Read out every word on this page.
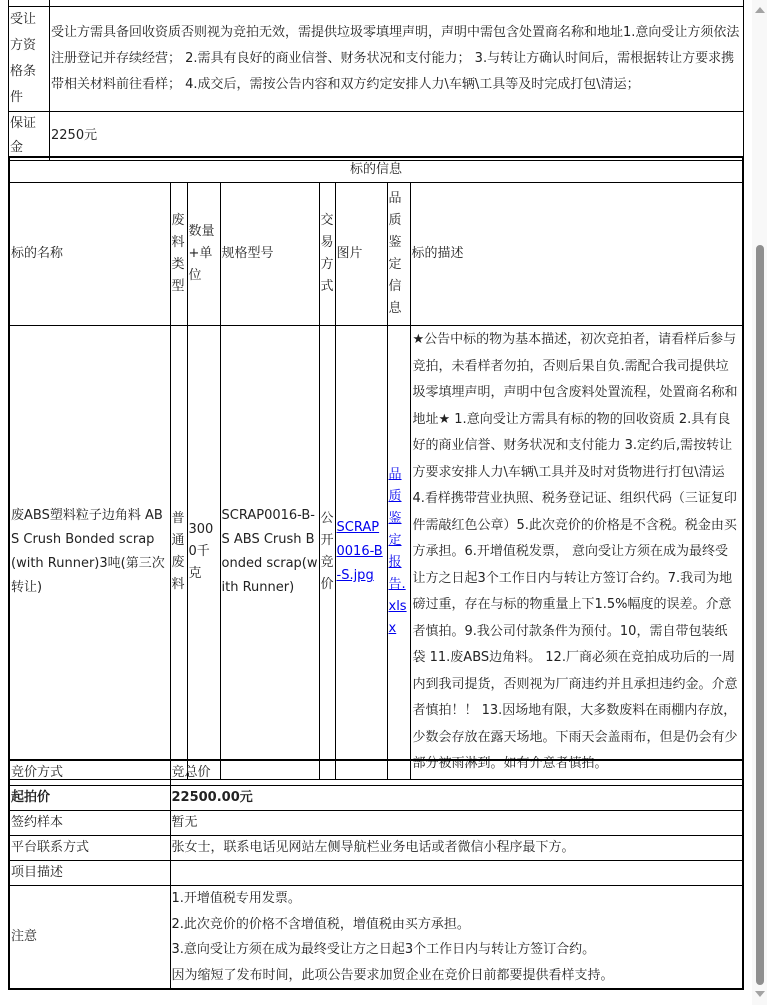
受让方资格条件	受让方需具备回收资质否则视为竞拍无效，需提供垃圾零填埋声明，声明中需包含处置商名称和地址1.意向受让方须依法注册登记并存续经营； 2.需具有良好的商业信誉、财务状况和支付能力； 3.与转让方确认时间后，需根据转让方要求携带相关材料前往看样； 4.成交后，需按公告内容和双方约定安排人力\车辆\工具等及时完成打包\清运；
保证金	2250元
标的信息							
标的名称	废料类型	数量+单位	规格型号	交易方式	图片	品质鉴定信息	标的描述
废ABS塑料粒子边角料 ABS Crush Bonded scrap(with Runner)3吨(第三次转让)	普通废料	3000千克	SCRAP0016-B-S ABS Crush Bonded scrap(with Runner)	公开竞价	SCRAP0016-B-S.jpg	品质鉴定报告.xlsx	★公告中标的物为基本描述，初次竞拍者，请看样后参与竞拍，未看样者勿拍，否则后果自负.需配合我司提供垃圾零填埋声明，声明中包含废料处置流程，处置商名称和地址★ 1.意向受让方需具有标的物的回收资质 2.具有良好的商业信誉、财务状况和支付能力 3.定约后,需按转让方要求安排人力\车辆\工具并及时对货物进行打包\清运 4.看样携带营业执照、税务登记证、组织代码（三证复印件需敲红色公章）5.此次竞价的价格是不含税。税金由买方承担。6.开增值税发票， 意向受让方须在成为最终受让方之日起3个工作日内与转让方签订合约。7.我司为地磅过重，存在与标的物重量上下1.5%幅度的误差。介意者慎拍。9.我公司付款条件为预付。10，需自带包装纸袋 11.废ABS边角料。 12.厂商必须在竞拍成功后的一周内到我司提货，否则视为厂商违约并且承担违约金。介意者慎拍！！ 13.因场地有限，大多数废料在雨棚内存放，少数会存放在露天场地。下雨天会盖雨布，但是仍会有少部分被雨淋到。如有介意者慎拍。
竞价方式	竞总价
起拍价	22500.00元
签约样本	暂无
平台联系方式	张女士，联系电话见网站左侧导航栏业务电话或者微信小程序最下方。
项目描述	
注意	1.开增值税专用发票。

2.此次竞价的价格不含增值税，增值税由买方承担。

3.意向受让方须在成为最终受让方之日起3个工作日内与转让方签订合约。

因为缩短了发布时间，此项公告要求加贸企业在竞价日前都要提供看样支持。
